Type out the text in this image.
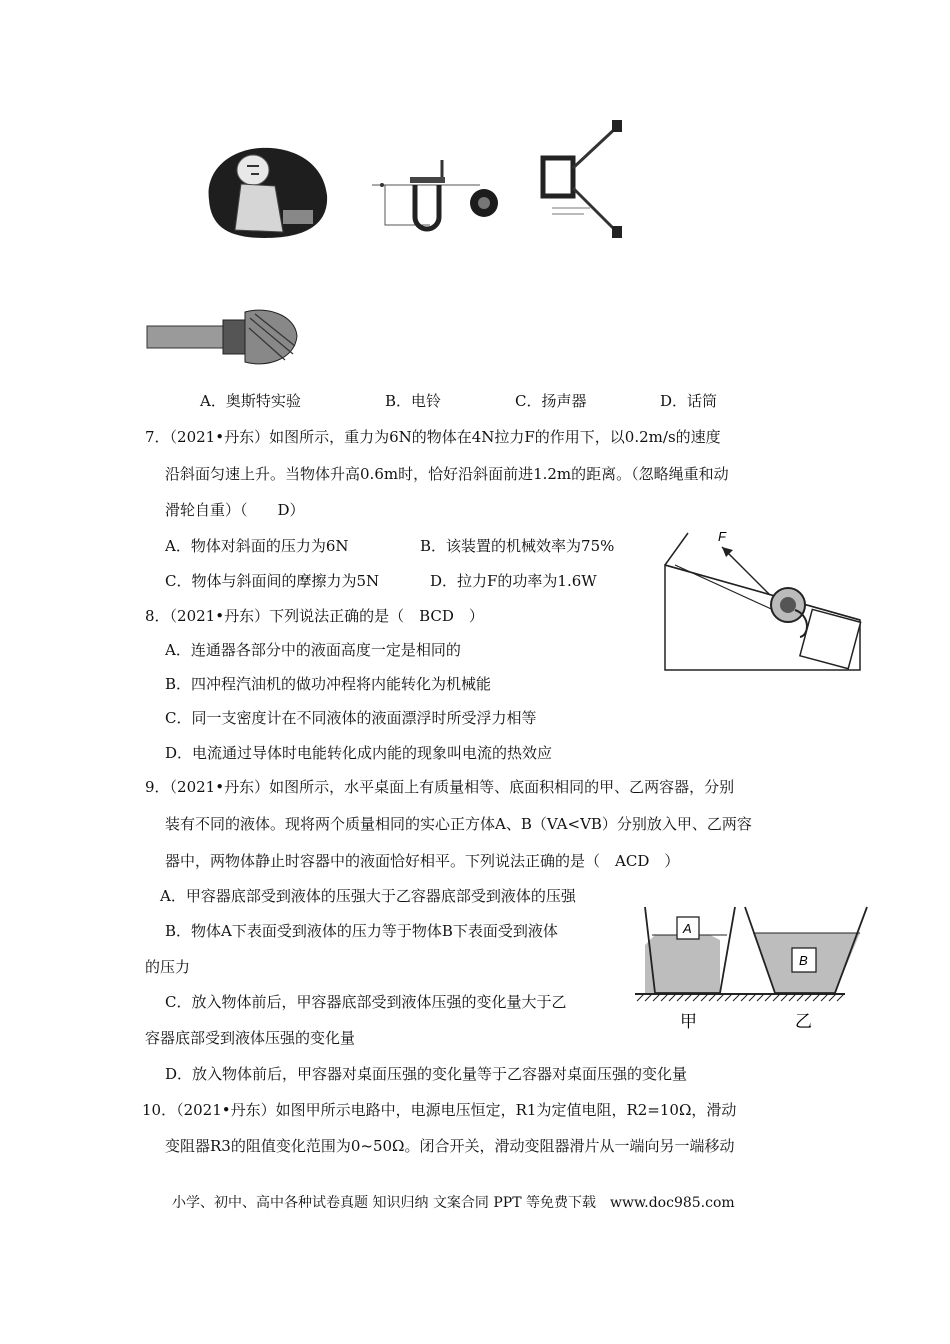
A．奥斯特实验	B．电铃	C．扬声器	D．话筒
7．（2021•丹东）如图所示，重力为6N的物体在4N拉力F的作用下，以0.2m/s的速度
沿斜面匀速上升。当物体升高0.6m时，恰好沿斜面前进1.2m的距离。（忽略绳重和动
滑轮自重）（　　D）
A．物体对斜面的压力为6N	B．该装置的机械效率为75%
C．物体与斜面间的摩擦力为5N	D．拉力F的功率为1.6W
F
8．（2021•丹东）下列说法正确的是（　BCD　）
A．连通器各部分中的液面高度一定是相同的
B．四冲程汽油机的做功冲程将内能转化为机械能
C．同一支密度计在不同液体的液面漂浮时所受浮力相等
D．电流通过导体时电能转化成内能的现象叫电流的热效应
9．（2021•丹东）如图所示，水平桌面上有质量相等、底面积相同的甲、乙两容器，分别
装有不同的液体。现将两个质量相同的实心正方体A、B（VA<VB）分别放入甲、乙两容
器中，两物体静止时容器中的液面恰好相平。下列说法正确的是（　ACD　）
A．甲容器底部受到液体的压强大于乙容器底部受到液体的压强
B．物体A下表面受到液体的压力等于物体B下表面受到液体
的压力
C．放入物体前后，甲容器底部受到液体压强的变化量大于乙
容器底部受到液体压强的变化量
D．放入物体前后，甲容器对桌面压强的变化量等于乙容器对桌面压强的变化量
A
B
甲	乙
10．（2021•丹东）如图甲所示电路中，电源电压恒定，R1为定值电阻，R2=10Ω，滑动
变阻器R3的阻值变化范围为0~50Ω。闭合开关，滑动变阻器滑片从一端向另一端移动
小学、初中、高中各种试卷真题 知识归纳 文案合同 PPT 等免费下载　www.doc985.com
